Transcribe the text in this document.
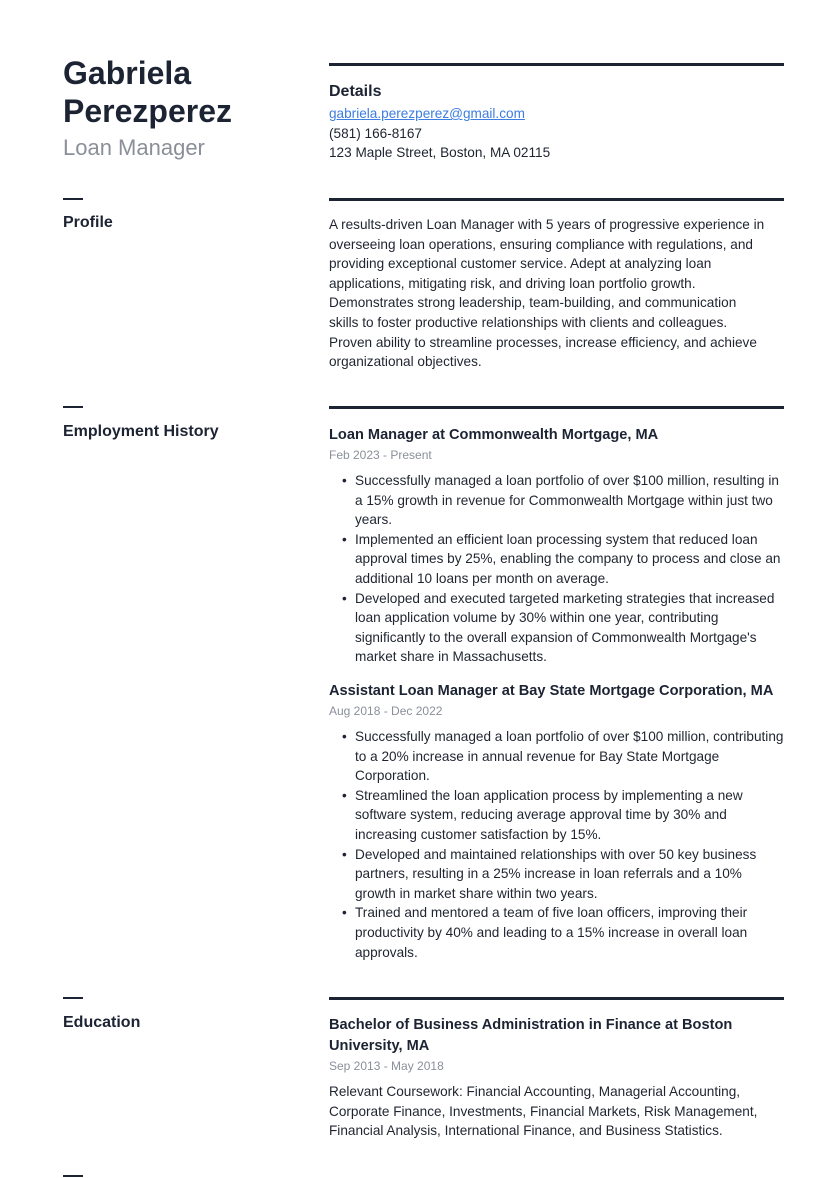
Gabriela Perezperez
Loan Manager
Details
gabriela.perezperez@gmail.com
(581) 166-8167
123 Maple Street, Boston, MA 02115
Profile	A results-driven Loan Manager with 5 years of progressive experience in overseeing loan operations, ensuring compliance with regulations, and providing exceptional customer service. Adept at analyzing loan applications, mitigating risk, and driving loan portfolio growth. Demonstrates strong leadership, team-building, and communication skills to foster productive relationships with clients and colleagues. Proven ability to streamline processes, increase efficiency, and achieve organizational objectives.
Employment History	Loan Manager at Commonwealth Mortgage, MA
Feb 2023 - Present
• Successfully managed a loan portfolio of over $100 million, resulting in a 15% growth in revenue for Commonwealth Mortgage within just two years.
• Implemented an efficient loan processing system that reduced loan approval times by 25%, enabling the company to process and close an additional 10 loans per month on average.
• Developed and executed targeted marketing strategies that increased loan application volume by 30% within one year, contributing significantly to the overall expansion of Commonwealth Mortgage's market share in Massachusetts.
Assistant Loan Manager at Bay State Mortgage Corporation, MA
Aug 2018 - Dec 2022
• Successfully managed a loan portfolio of over $100 million, contributing to a 20% increase in annual revenue for Bay State Mortgage Corporation.
• Streamlined the loan application process by implementing a new software system, reducing average approval time by 30% and increasing customer satisfaction by 15%.
• Developed and maintained relationships with over 50 key business partners, resulting in a 25% increase in loan referrals and a 10% growth in market share within two years.
• Trained and mentored a team of five loan officers, improving their productivity by 40% and leading to a 15% increase in overall loan approvals.
Education	Bachelor of Business Administration in Finance at Boston University, MA
Sep 2013 - May 2018
Relevant Coursework: Financial Accounting, Managerial Accounting, Corporate Finance, Investments, Financial Markets, Risk Management, Financial Analysis, International Finance, and Business Statistics.
